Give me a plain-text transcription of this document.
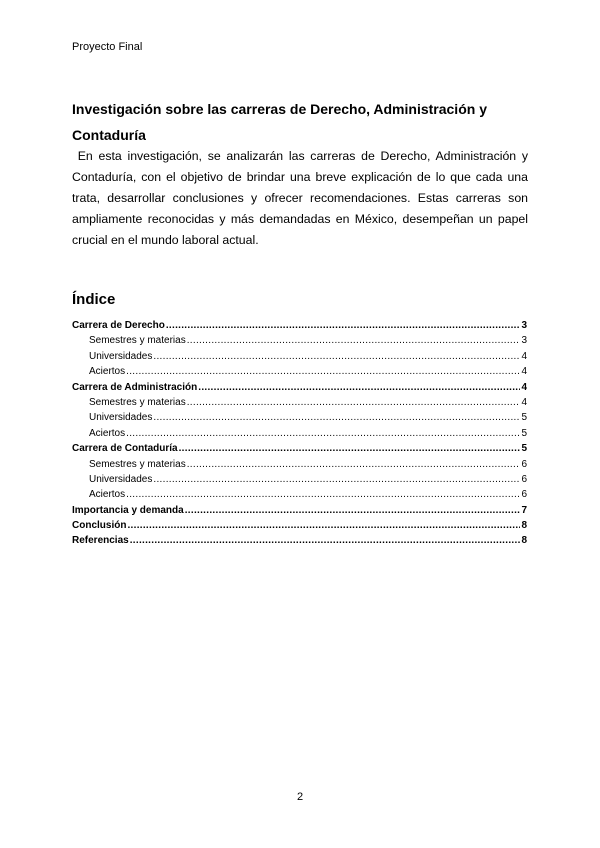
Proyecto Final
Investigación sobre las carreras de Derecho, Administración y Contaduría

En esta investigación, se analizarán las carreras de Derecho, Administración y Contaduría, con el objetivo de brindar una breve explicación de lo que cada una trata, desarrollar conclusiones y ofrecer recomendaciones. Estas carreras son ampliamente reconocidas y más demandadas en México, desempeñan un papel crucial en el mundo laboral actual.

Índice
Carrera de Derecho .....	3
Semestres y materias .....	3
Universidades .....	4
Aciertos .....	4
Carrera de Administración .....	4
Semestres y materias .....	4
Universidades .....	5
Aciertos .....	5
Carrera de Contaduría .....	5
Semestres y materias .....	6
Universidades .....	6
Aciertos .....	6
Importancia y demanda .....	7
Conclusión .....	8
Referencias .....	8
2
